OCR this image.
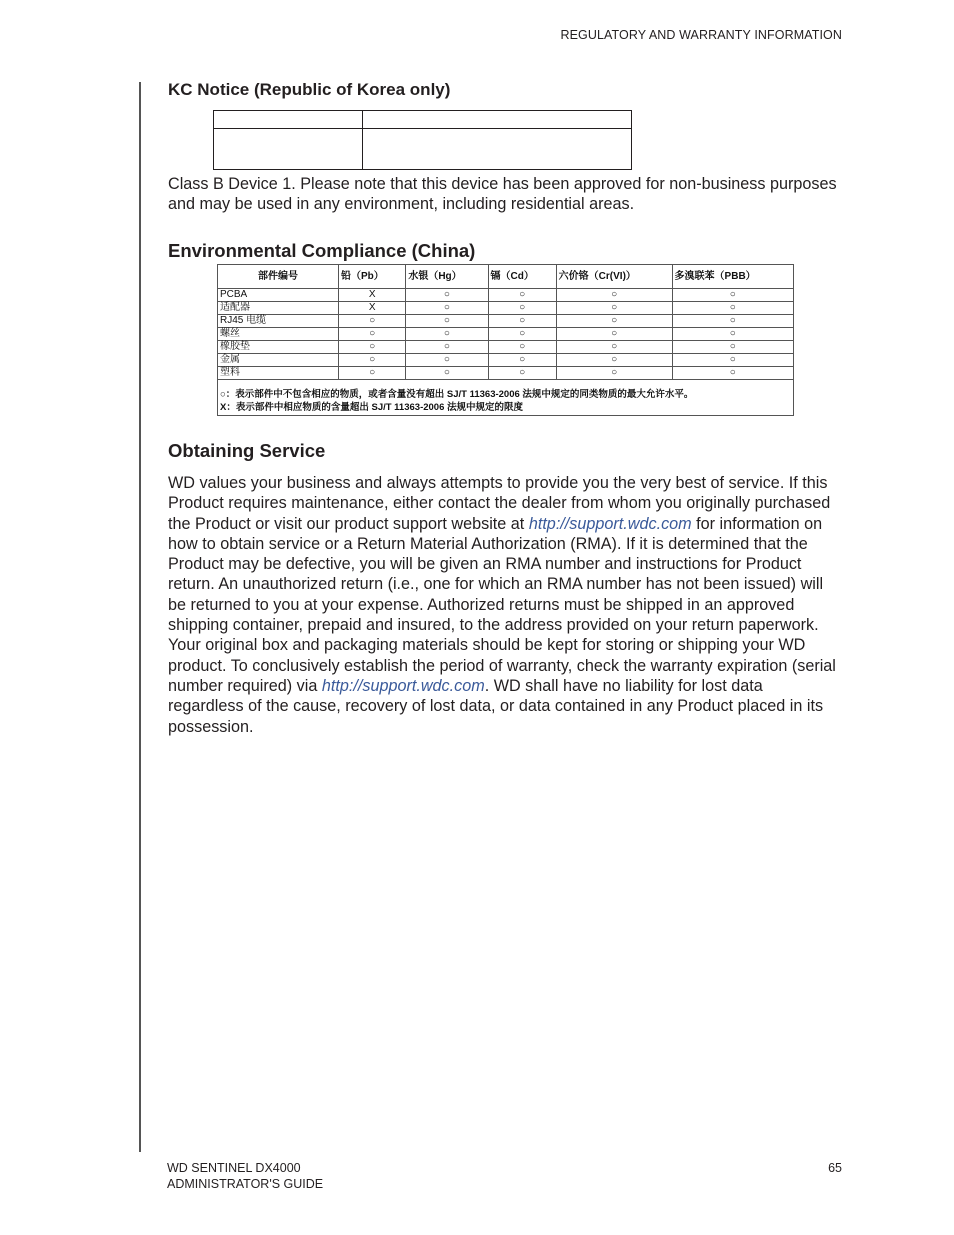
REGULATORY AND WARRANTY INFORMATION
KC Notice (Republic of Korea only)

Class B Device 1. Please note that this device has been approved for non-business purposes and may be used in any environment, including residential areas.

Environmental Compliance (China)
部件编号	铅（Pb）	水银（Hg）	镉（Cd）	六价铬（Cr(VI)）	多溴联苯（PBB）
PCBA	X	○	○	○	○
适配器	X	○	○	○	○
RJ45 电缆	○	○	○	○	○
螺丝	○	○	○	○	○
橡胶垫	○	○	○	○	○
金属	○	○	○	○	○
塑料	○	○	○	○	○

○：表示部件中不包含相应的物质，或者含量没有超出 SJ/T 11363-2006 法规中规定的同类物质的最大允许水平。
X：表示部件中相应物质的含量超出 SJ/T 11363-2006 法规中规定的限度					
Obtaining Service

WD values your business and always attempts to provide you the very best of service. If this Product requires maintenance, either contact the dealer from whom you originally purchased the Product or visit our product support website at http://support.wdc.com for information on how to obtain service or a Return Material Authorization (RMA). If it is determined that the Product may be defective, you will be given an RMA number and instructions for Product return. An unauthorized return (i.e., one for which an RMA number has not been issued) will be returned to you at your expense. Authorized returns must be shipped in an approved shipping container, prepaid and insured, to the address provided on your return paperwork. Your original box and packaging materials should be kept for storing or shipping your WD product. To conclusively establish the period of warranty, check the warranty expiration (serial number required) via http://support.wdc.com. WD shall have no liability for lost data regardless of the cause, recovery of lost data, or data contained in any Product placed in its possession.

WD SENTINEL DX4000
ADMINISTRATOR'S GUIDE
65
